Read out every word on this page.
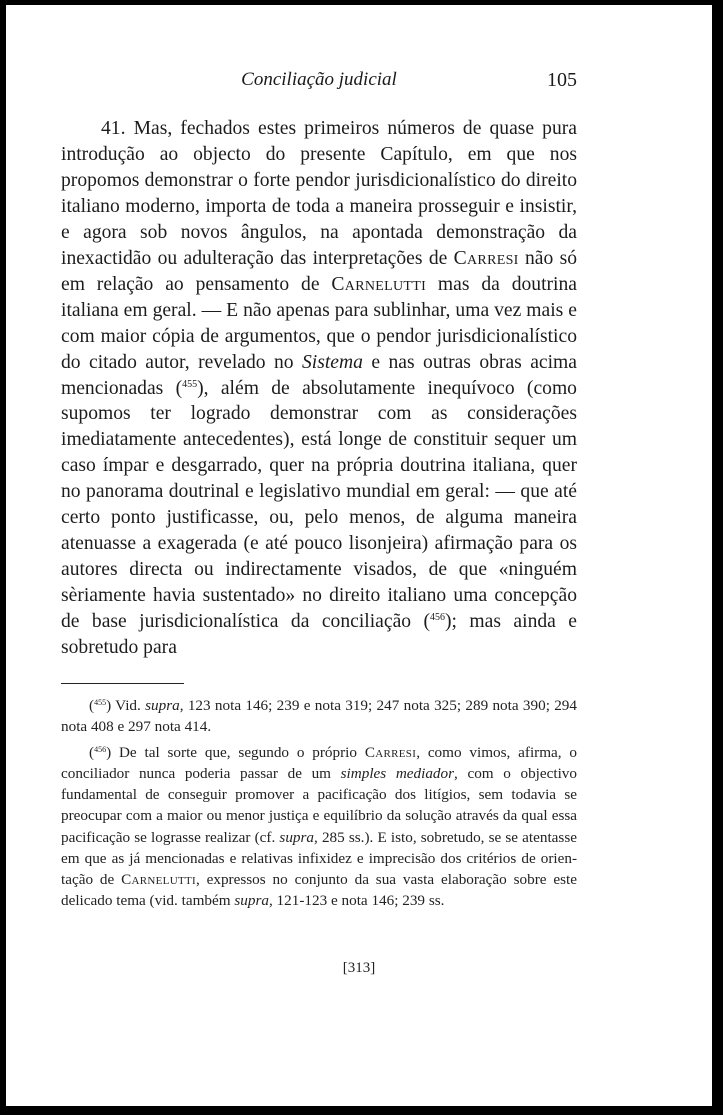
Conciliação judicial	105

41. Mas, fechados estes primeiros números de quase pura introdução ao objecto do presente Capítulo, em que nos propomos demonstrar o forte pendor jurisdicionalístico do direito italiano moderno, importa de toda a maneira prosseguir e insistir, e agora sob novos ângulos, na apontada demonstração da inexactidão ou adulteração das interpretações de Carresi não só em relação ao pensamento de Carnelutti mas da doutrina italiana em geral. — E não apenas para sublinhar, uma vez mais e com maior cópia de argumentos, que o pendor jurisdicionalístico do citado autor, revelado no Sistema e nas outras obras acima mencionadas ($^{455}$), além de absolutamente inequívoco (como supomos ter logrado demonstrar com as considerações imediatamente antecedentes), está longe de constituir sequer um caso ímpar e desgarrado, quer na própria doutrina italiana, quer no panorama doutrinal e legislativo mundial em geral: — que até certo ponto justificasse, ou, pelo menos, de alguma maneira atenuasse a exagerada (e até pouco lisonjeira) afirmação para os autores directa ou indirectamente visados, de que «ninguém sèriamente havia sustentado» no direito italiano uma concepção de base jurisdicionalística da conciliação ($^{456}$); mas ainda e sobretudo para

($^{455}$) Vid. supra, 123 nota 146; 239 e nota 319; 247 nota 325; 289 nota 390; 294 nota 408 e 297 nota 414.

($^{456}$) De tal sorte que, segundo o próprio Carresi, como vimos, afirma, o conciliador nunca poderia passar de um simples mediador, com o objectivo fundamental de conseguir promover a pacificação dos litígios, sem todavia se preocupar com a maior ou menor justiça e equilíbrio da solução através da qual essa pacificação se lograsse realizar (cf. supra, 285 ss.). E isto, sobretudo, se se atentasse em que as já mencionadas e relativas infixidez e imprecisão dos critérios de orientação de Carnelutti, expressos no conjunto da sua vasta elaboração sobre este delicado tema (vid. também supra, 121-123 e nota 146; 239 ss.

[313]
